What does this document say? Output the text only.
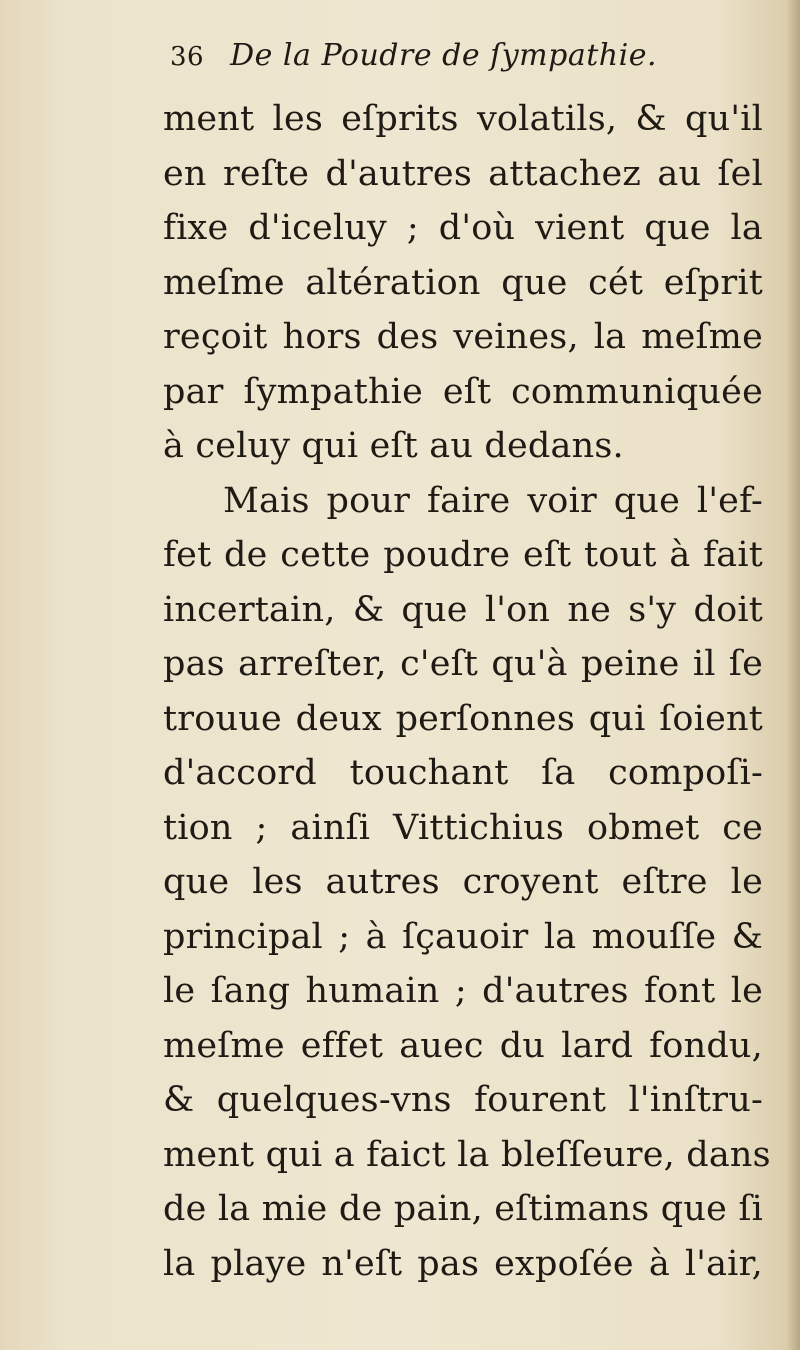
36 De la Poudre de ſympathie.
ment les eſprits volatils, & qu'il
en reſte d'autres attachez au ſel
fixe d'iceluy ; d'où vient que la
meſme altération que cét eſprit
reçoit hors des veines, la meſme
par ſympathie eſt communiquée
à celuy qui eſt au dedans.
Mais pour faire voir que l'ef-
fet de cette poudre eſt tout à fait
incertain, & que l'on ne s'y doit
pas arreſter, c'eſt qu'à peine il ſe
trouue deux perſonnes qui ſoient
d'accord touchant ſa compoſi-
tion ; ainſi Vittichius obmet ce
que les autres croyent eſtre le
principal ; à ſçauoir la mouſſe &
le ſang humain ; d'autres font le
meſme effet auec du lard fondu,
& quelques-vns fourent l'inſtru-
ment qui a faict la bleſſeure, dans
de la mie de pain, eſtimans que ſi
la playe n'eſt pas expoſée à l'air,
